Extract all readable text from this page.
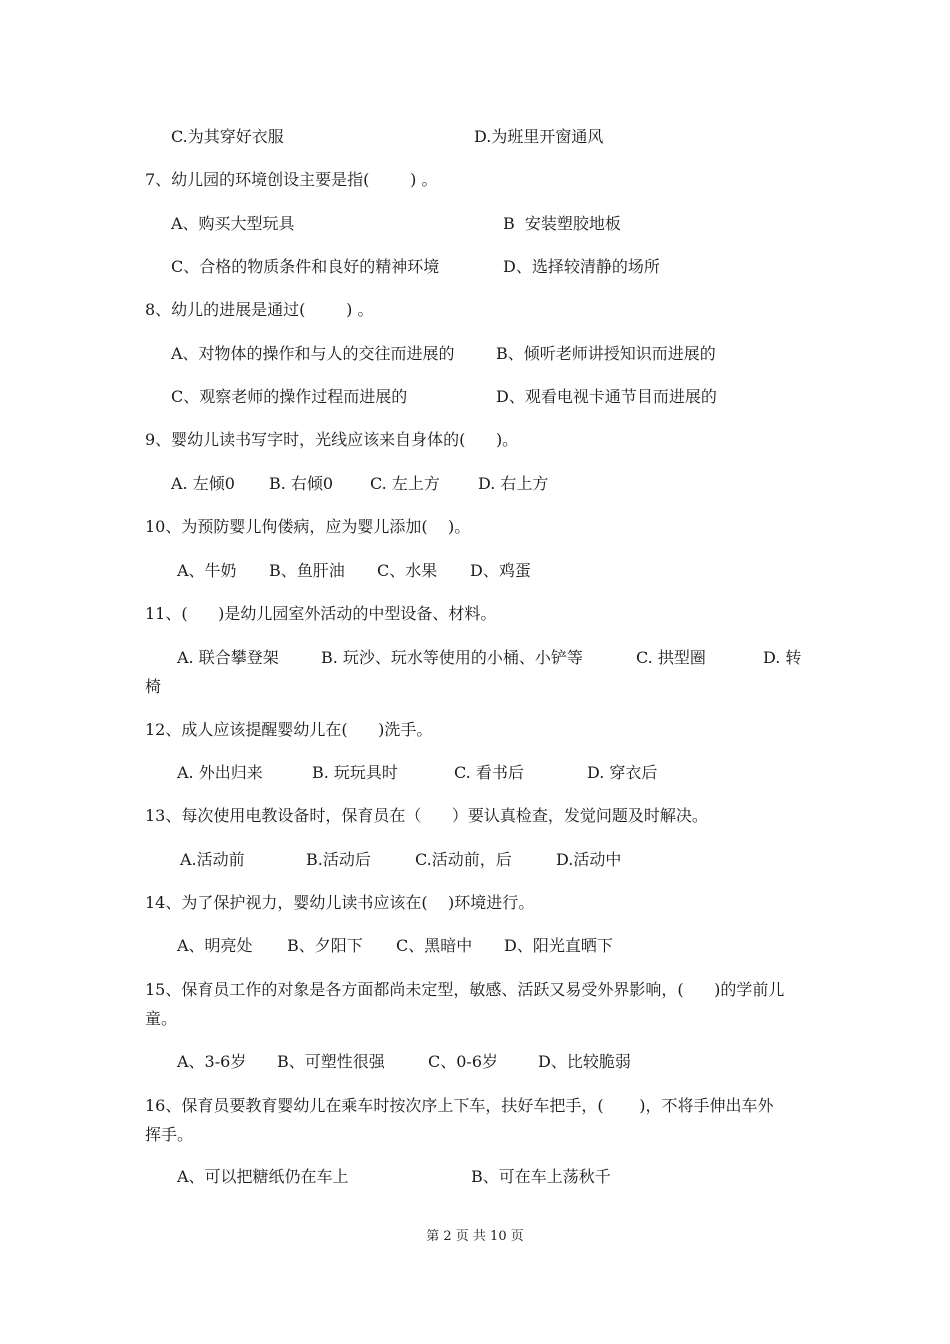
C.为其穿好衣服	D.为班里开窗通风
7、幼儿园的环境创设主要是指(        ) 。
A、购买大型玩具	B  安装塑胶地板
C、合格的物质条件和良好的精神环境	D、选择较清静的场所
8、幼儿的进展是通过(        ) 。
A、对物体的操作和与人的交往而进展的	B、倾听老师讲授知识而进展的
C、观察老师的操作过程而进展的	D、观看电视卡通节目而进展的
9、婴幼儿读书写字时，光线应该来自身体的(      )。
A. 左倾0 B. 右倾0 C. 左上方 D. 右上方
10、为预防婴儿佝偻病，应为婴儿添加(    )。
A、牛奶 B、鱼肝油 C、水果 D、鸡蛋
11、(      )是幼儿园室外活动的中型设备、材料。
A. 联合攀登架	B. 玩沙、玩水等使用的小桶、小铲等	C. 拱型圈	D. 转
椅
12、成人应该提醒婴幼儿在(      )洗手。
A. 外出归来	B. 玩玩具时	C. 看书后	D. 穿衣后
13、每次使用电教设备时，保育员在（      ）要认真检查，发觉问题及时解决。
A.活动前	B.活动后	C.活动前，后	D.活动中
14、为了保护视力，婴幼儿读书应该在(    )环境进行。
A、明亮处 B、夕阳下 C、黑暗中 D、阳光直晒下
15、保育员工作的对象是各方面都尚未定型，敏感、活跃又易受外界影响，(      )的学前儿
童。
A、3-6岁 B、可塑性很强	C、0-6岁 D、比较脆弱
16、保育员要教育婴幼儿在乘车时按次序上下车，扶好车把手，(       )，不将手伸出车外
挥手。
A、可以把糖纸仍在车上	B、可在车上荡秋千
第 2 页 共 10 页
